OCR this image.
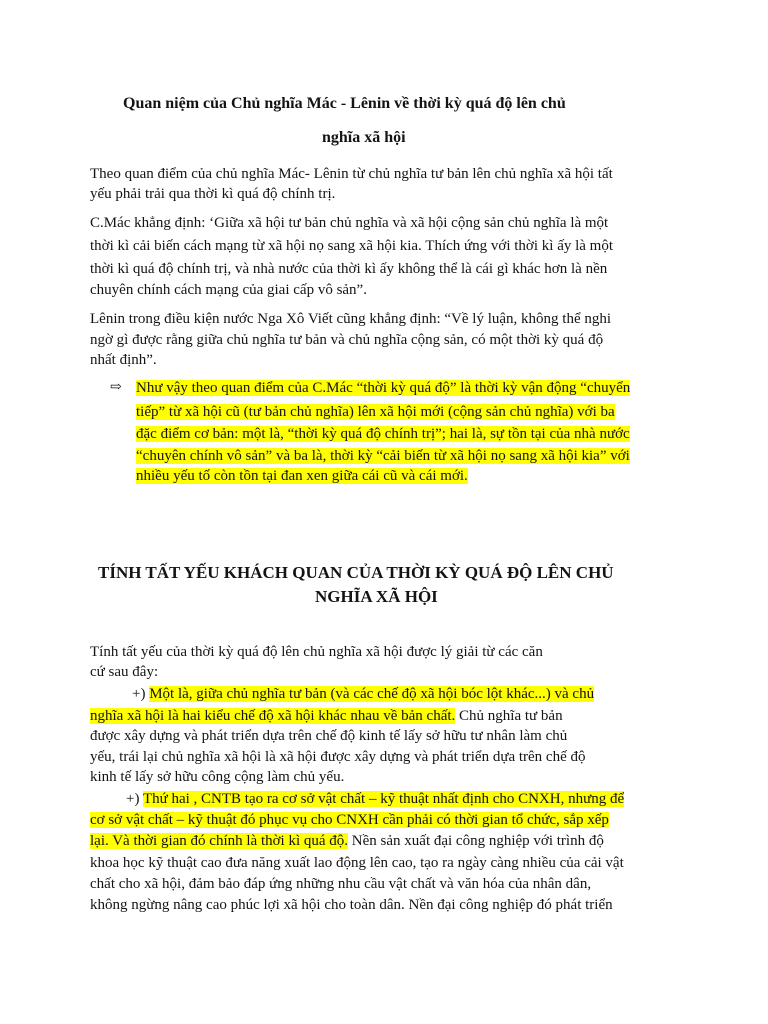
Quan niệm của Chủ nghĩa Mác - Lênin về thời kỳ quá độ lên chủ
nghĩa xã hội
Theo quan điểm của chủ nghĩa Mác- Lênin từ chủ nghĩa tư bản lên chủ nghĩa xã hội tất
yếu phải trải qua thời kì quá độ chính trị.
C.Mác khẳng định: ‘Giữa xã hội tư bản chủ nghĩa và xã hội cộng sản chủ nghĩa là một
thời kì cải biến cách mạng từ xã hội nọ sang xã hội kia. Thích ứng với thời kì ấy là một
thời kì quá độ chính trị, và nhà nước của thời kì ấy không thể là cái gì khác hơn là nền
chuyên chính cách mạng của giai cấp vô sản”.
Lênin trong điều kiện nước Nga Xô Viết cũng khẳng định: “Về lý luận, không thể nghi
ngờ gì được rằng giữa chủ nghĩa tư bản và chủ nghĩa cộng sản, có một thời kỳ quá độ
nhất định”.
⇨ Như vậy theo quan điểm của C.Mác “thời kỳ quá độ” là thời kỳ vận động “chuyển
tiếp” từ xã hội cũ (tư bản chủ nghĩa) lên xã hội mới (cộng sản chủ nghĩa) với ba
đặc điểm cơ bản: một là, “thời kỳ quá độ chính trị”; hai là, sự tồn tại của nhà nước
“chuyên chính vô sản” và ba là, thời kỳ “cải biến từ xã hội nọ sang xã hội kia” với
nhiều yếu tố còn tồn tại đan xen giữa cái cũ và cái mới.
TÍNH TẤT YẾU KHÁCH QUAN CỦA THỜI KỲ QUÁ ĐỘ LÊN CHỦ
NGHĨA XÃ HỘI
Tính tất yếu của thời kỳ quá độ lên chủ nghĩa xã hội được lý giải từ các căn
cứ sau đây:
+) Một là, giữa chủ nghĩa tư bản (và các chế độ xã hội bóc lột khác...) và chủ
nghĩa xã hội là hai kiểu chế độ xã hội khác nhau về bản chất. Chủ nghĩa tư bản
được xây dựng và phát triển dựa trên chế độ kinh tế lấy sở hữu tư nhân làm chủ
yếu, trái lại chủ nghĩa xã hội là xã hội được xây dựng và phát triển dựa trên chế độ
kinh tế lấy sở hữu công cộng làm chủ yếu.
+) Thứ hai , CNTB tạo ra cơ sở vật chất – kỹ thuật nhất định cho CNXH, nhưng để
cơ sở vật chất – kỹ thuật đó phục vụ cho CNXH cần phải có thời gian tổ chức, sắp xếp
lại. Và thời gian đó chính là thời kì quá độ. Nền sản xuất đại công nghiệp với trình độ
khoa học kỹ thuật cao đưa năng xuất lao động lên cao, tạo ra ngày càng nhiều của cải vật
chất cho xã hội, đảm bảo đáp ứng những nhu cầu vật chất và văn hóa của nhân dân,
không ngừng nâng cao phúc lợi xã hội cho toàn dân. Nền đại công nghiệp đó phát triển
